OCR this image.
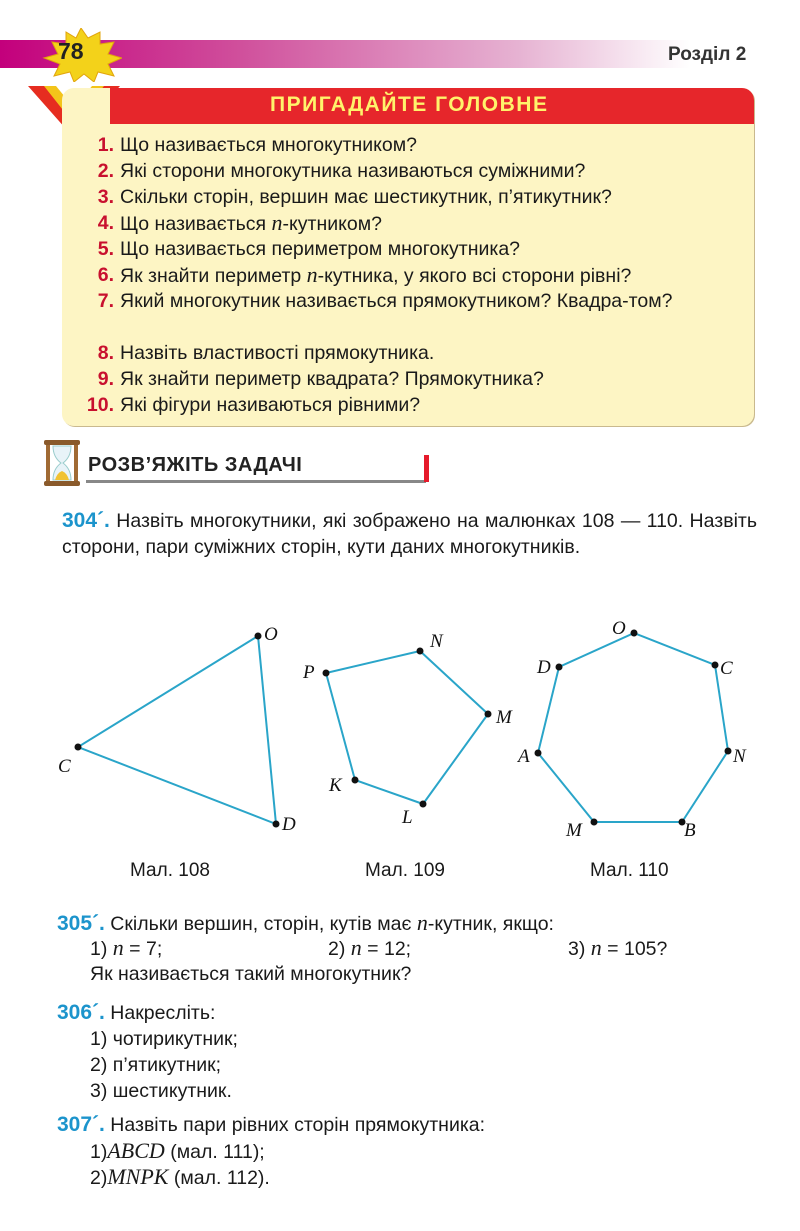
78	Розділ 2
ПРИГАДАЙТЕ ГОЛОВНЕ
1. Що називається многокутником?
2. Які сторони многокутника називаються суміжними?
3. Скільки сторін, вершин має шестикутник, п’ятикутник?
4. Що називається n-кутником?
5. Що називається периметром многокутника?
6. Як знайти периметр n-кутника, у якого всі сторони рівні?
7. Який многокутник називається прямокутником? Квадра-том?
8. Назвіть властивості прямокутника.
9. Як знайти периметр квадрата? Прямокутника?
10. Які фігури називаються рівними?
РОЗВ’ЯЖІТЬ ЗАДАЧІ
304´. Назвіть многокутники, які зображено на малюнках 108 — 110. Назвіть сторони, пари суміжних сторін, кути даних многокутників.
O
C
D
N
P
M
K
L
O
D	C
A	N
M	B
Мал. 108	Мал. 109	Мал. 110
305´. Скільки вершин, сторін, кутів має n-кутник, якщо:
1) n = 7;	2) n = 12;	3) n = 105?
Як називається такий многокутник?
306´. Накресліть:
1) чотирикутник;
2) п’ятикутник;
3) шестикутник.
307´. Назвіть пари рівних сторін прямокутника:
1)ABCD (мал. 111);
2)MNPK (мал. 112).
